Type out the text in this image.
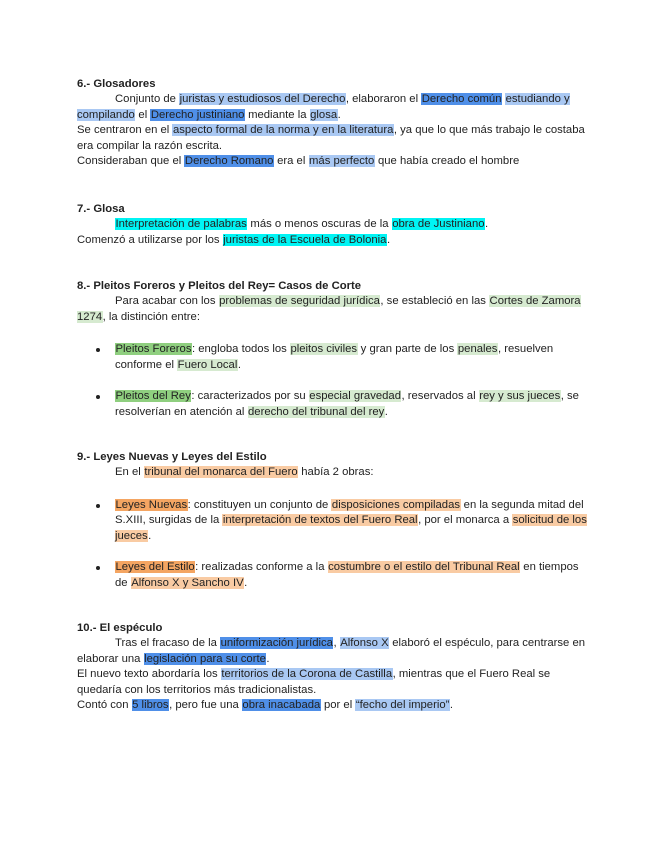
6.- Glosadores

Conjunto de juristas y estudiosos del Derecho, elaboraron el Derecho común estudiando y compilando el Derecho justiniano mediante la glosa.

Se centraron en el aspecto formal de la norma y en la literatura, ya que lo que más trabajo le costaba era compilar la razón escrita.

Consideraban que el Derecho Romano era el más perfecto que había creado el hombre

7.- Glosa

Interpretación de palabras más o menos oscuras de la obra de Justiniano.

Comenzó a utilizarse por los juristas de la Escuela de Bolonia.

8.- Pleitos Foreros y Pleitos del Rey= Casos de Corte

Para acabar con los problemas de seguridad jurídica, se estableció en las Cortes de Zamora 1274, la distinción entre:

Pleitos Foreros: engloba todos los pleitos civiles y gran parte de los penales, resuelven conforme el Fuero Local.
Pleitos del Rey: caracterizados por su especial gravedad, reservados al rey y sus jueces, se resolverían en atención al derecho del tribunal del rey.
9.- Leyes Nuevas y Leyes del Estilo

En el tribunal del monarca del Fuero había 2 obras:

Leyes Nuevas: constituyen un conjunto de disposiciones compiladas en la segunda mitad del S.XIII, surgidas de la interpretación de textos del Fuero Real, por el monarca a solicitud de los jueces.
Leyes del Estilo: realizadas conforme a la costumbre o el estilo del Tribunal Real en tiempos de Alfonso X y Sancho IV.
10.- El espéculo

Tras el fracaso de la uniformización jurídica, Alfonso X elaboró el espéculo, para centrarse en elaborar una legislación para su corte.

El nuevo texto abordaría los territorios de la Corona de Castilla, mientras que el Fuero Real se quedaría con los territorios más tradicionalistas.

Contó con 5 libros, pero fue una obra inacabada por el “fecho del imperio”.
